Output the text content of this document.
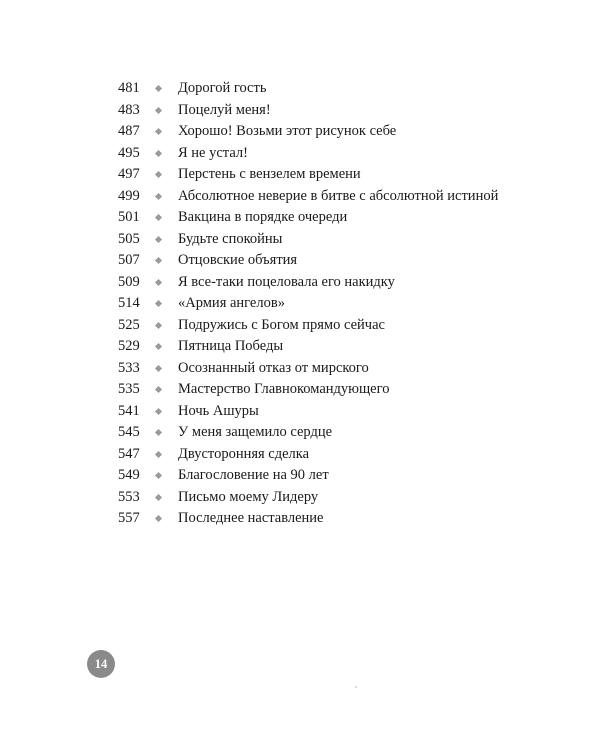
481	Дорогой гость
483	Поцелуй меня!
487	Хорошо! Возьми этот рисунок себе
495	Я не устал!
497	Перстень с вензелем времени
499	Абсолютное неверие в битве с абсолютной истиной
501	Вакцина в порядке очереди
505	Будьте спокойны
507	Отцовские объятия
509	Я все-таки поцеловала его накидку
514	«Армия ангелов»
525	Подружись с Богом прямо сейчас
529	Пятница Победы
533	Осознанный отказ от мирского
535	Мастерство Главнокомандующего
541	Ночь Ашуры
545	У меня защемило сердце
547	Двусторонняя сделка
549	Благословение на 90 лет
553	Письмо моему Лидеру
557	Последнее наставление
14
